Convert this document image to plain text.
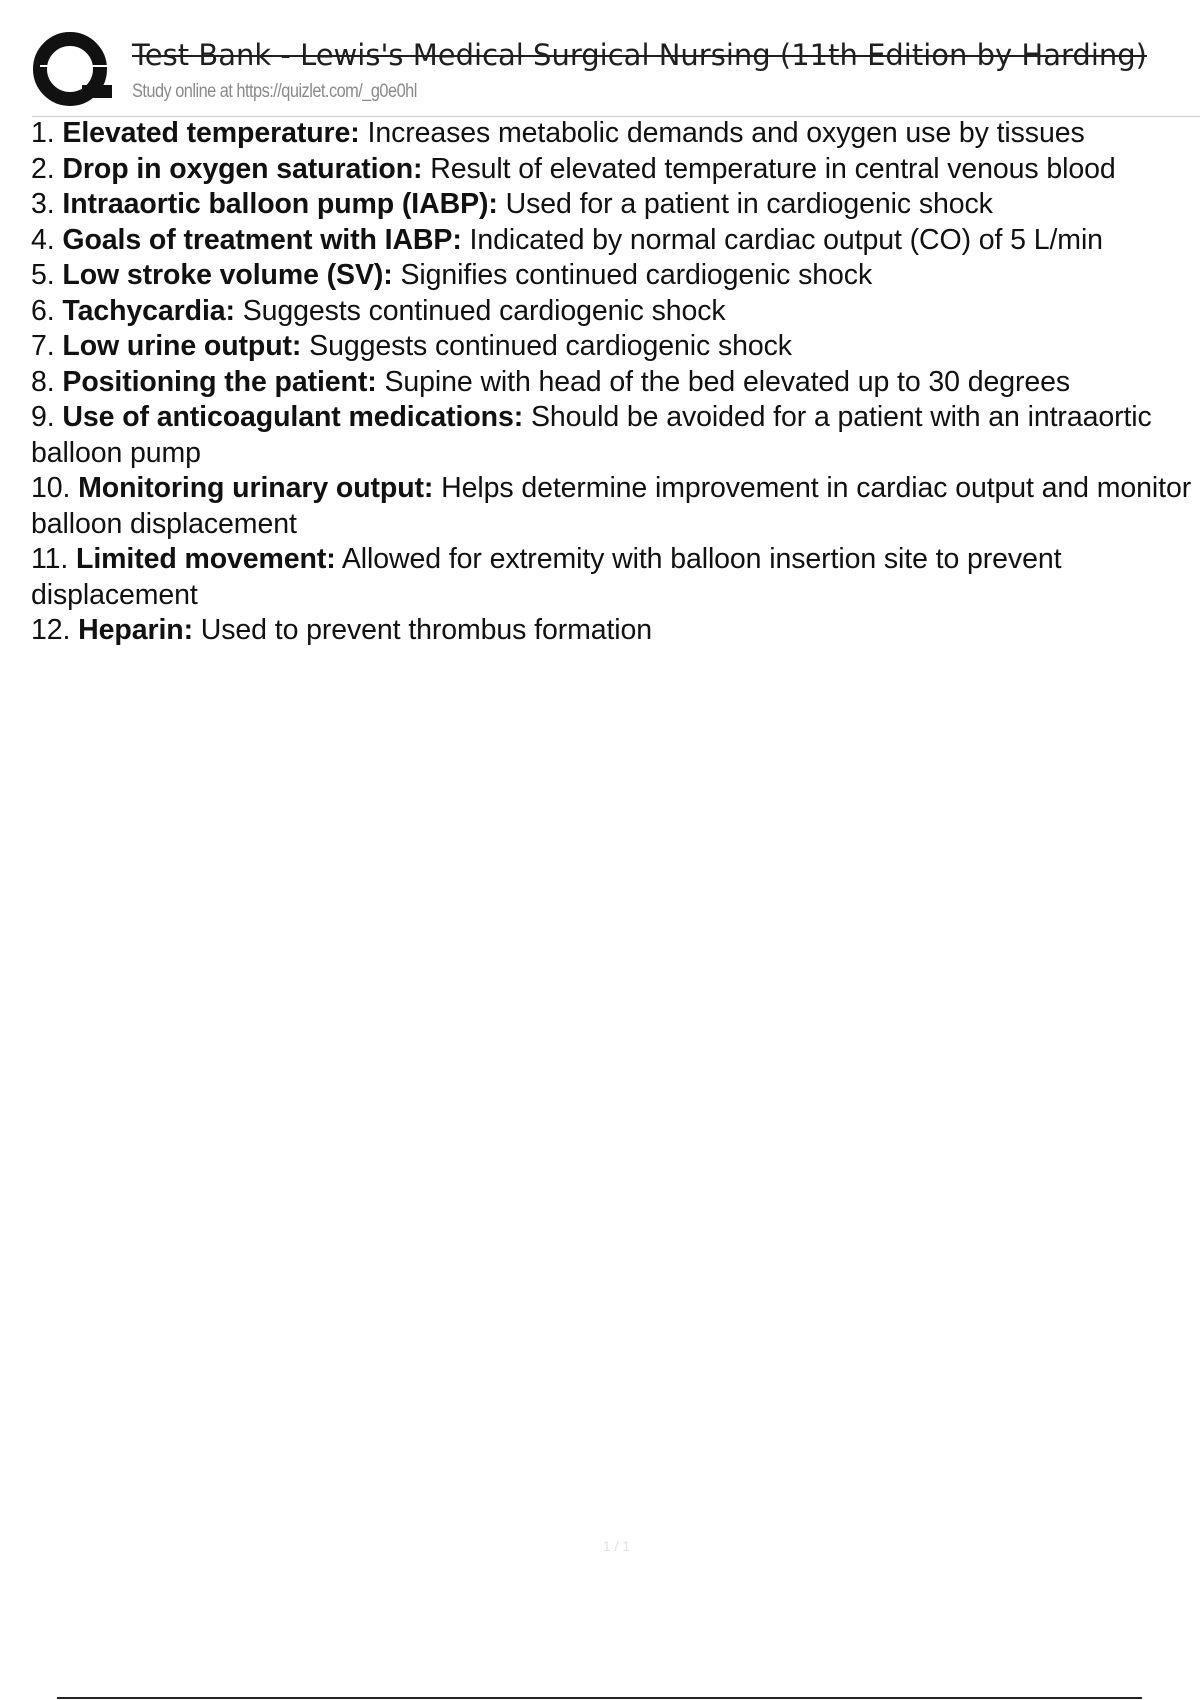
Test Bank - Lewis's Medical Surgical Nursing (11th Edition by Harding)
Study online at https://quizlet.com/_g0e0hl
1. Elevated temperature: Increases metabolic demands and oxygen use by tissues
2. Drop in oxygen saturation: Result of elevated temperature in central venous blood
3. Intraaortic balloon pump (IABP): Used for a patient in cardiogenic shock
4. Goals of treatment with IABP: Indicated by normal cardiac output (CO) of 5 L/min
5. Low stroke volume (SV): Signifies continued cardiogenic shock
6. Tachycardia: Suggests continued cardiogenic shock
7. Low urine output: Suggests continued cardiogenic shock
8. Positioning the patient: Supine with head of the bed elevated up to 30 degrees
9. Use of anticoagulant medications: Should be avoided for a patient with an intraaortic balloon pump
10. Monitoring urinary output: Helps determine improvement in cardiac output and monitor balloon displacement
11. Limited movement: Allowed for extremity with balloon insertion site to prevent displacement
12. Heparin: Used to prevent thrombus formation
1 / 1
